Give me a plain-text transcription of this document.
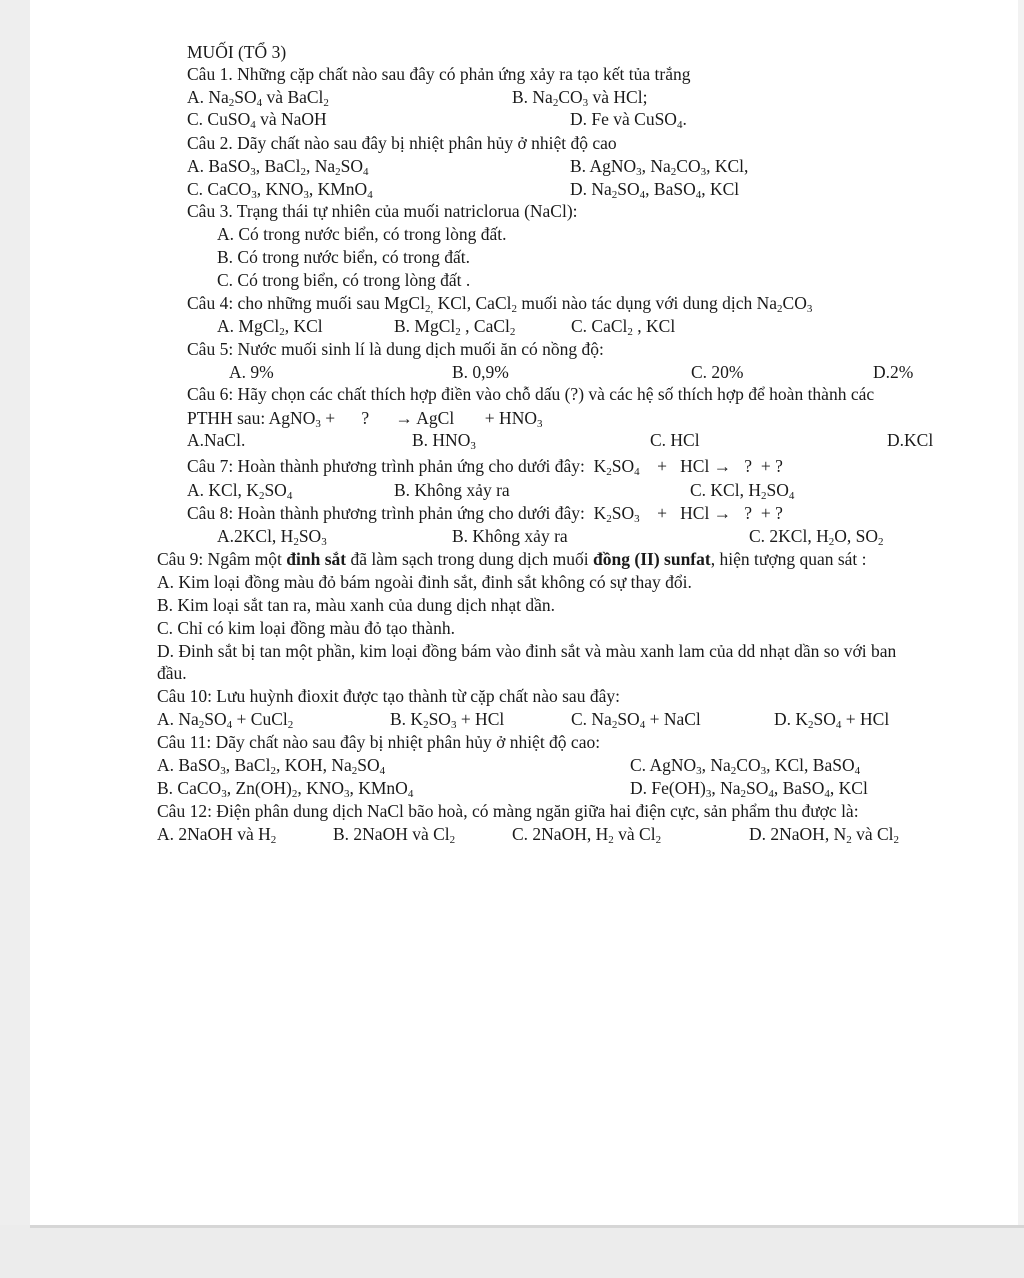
MUỐI (TỔ 3)
Câu 1. Những cặp chất nào sau đây có phản ứng xảy ra tạo kết tủa trắng
A. $Na_2SO_4$ và BaCl$_2$	B. $Na_2CO_3$ và HCl;
C. CuSO$_4$ và NaOH	D. Fe và CuSO$_4$.
Câu 2. Dãy chất nào sau đây bị nhiệt phân hủy ở nhiệt độ cao
A. BaSO$_3$, BaCl$_2$, $Na_2SO_4$	B. AgNO$_3$, $Na_2CO_3$, KCl,
C. CaCO$_3$, $KNO_3$, KMnO$_4$	D. $Na_2SO_4$, BaSO$_4$, KCl
Câu 3. Trạng thái tự nhiên của muối natriclorua (NaCl):
A. Có trong nước biển, có trong lòng đất.
B. Có trong nước biển, có trong đất.
C. Có trong biển, có trong lòng đất .
Câu 4: cho những muối sau MgCl$_{2,}$ KCl, CaCl$_2$ muối nào tác dụng với dung dịch $Na_2CO_3$
A. MgCl$_2$, KCl	B. MgCl$_2$ , CaCl$_2$	C. CaCl$_2$ , KCl
Câu 5: Nước muối sinh lí là dung dịch muối ăn có nồng độ:
A. 9%	B. 0,9%	C. 20%	D.2%
Câu 6: Hãy chọn các chất thích hợp điền vào chỗ dấu (?) và các hệ số thích hợp để hoàn thành các
PTHH sau: AgNO$_3$ +      ?      → AgCl       + $HNO_3$
A.NaCl.	B. $HNO_3$	C. HCl	D.KCl
Câu 7: Hoàn thành phương trình phản ứng cho dưới đây:  $K_2SO_4$    +   HCl →   ?  + ?
A. KCl, $K_2SO_4$	B. Không xảy ra	C. KCl, $H_2SO_4$
Câu 8: Hoàn thành phương trình phản ứng cho dưới đây:  $K_2SO_3$    +   HCl →   ?  + ?
A.2KCl, $H_2SO_3$	B. Không xảy ra	C. 2KCl, $H_2O$, $SO_2$
Câu 9: Ngâm một đinh sắt đã làm sạch trong dung dịch muối đồng (II) sunfat, hiện tượng quan sát :
A. Kim loại đồng màu đỏ bám ngoài đinh sắt, đinh sắt không có sự thay đổi.
B. Kim loại sắt tan ra, màu xanh của dung dịch nhạt dần.
C. Chỉ có kim loại đồng màu đỏ tạo thành.
D. Đinh sắt bị tan một phần, kim loại đồng bám vào đinh sắt và màu xanh lam của dd nhạt dần so với ban
đầu.
Câu 10: Lưu huỳnh đioxit được tạo thành từ cặp chất nào sau đây:
A. $Na_2SO_4$ + CuCl$_2$	B. $K_2SO_3$ + HCl	C. $Na_2SO_4$ + NaCl	D. $K_2SO_4$ + HCl
Câu 11: Dãy chất nào sau đây bị nhiệt phân hủy ở nhiệt độ cao:
A. BaSO$_3$, BaCl$_2$, KOH, $Na_2SO_4$	C. AgNO$_3$, $Na_2CO_3$, KCl, BaSO$_4$
B. CaCO$_3$, $Zn(OH)_2$, $KNO_3$, KMnO$_4$	D. $Fe(OH)_3$, $Na_2SO_4$, BaSO$_4$, KCl
Câu 12: Điện phân dung dịch NaCl bão hoà, có màng ngăn giữa hai điện cực, sản phẩm thu được là:
A. 2NaOH và $H_2$	B. 2NaOH và $Cl_2$	C. 2NaOH, $H_2$ và $Cl_2$	D. 2NaOH, $N_2$ và $Cl_2$
